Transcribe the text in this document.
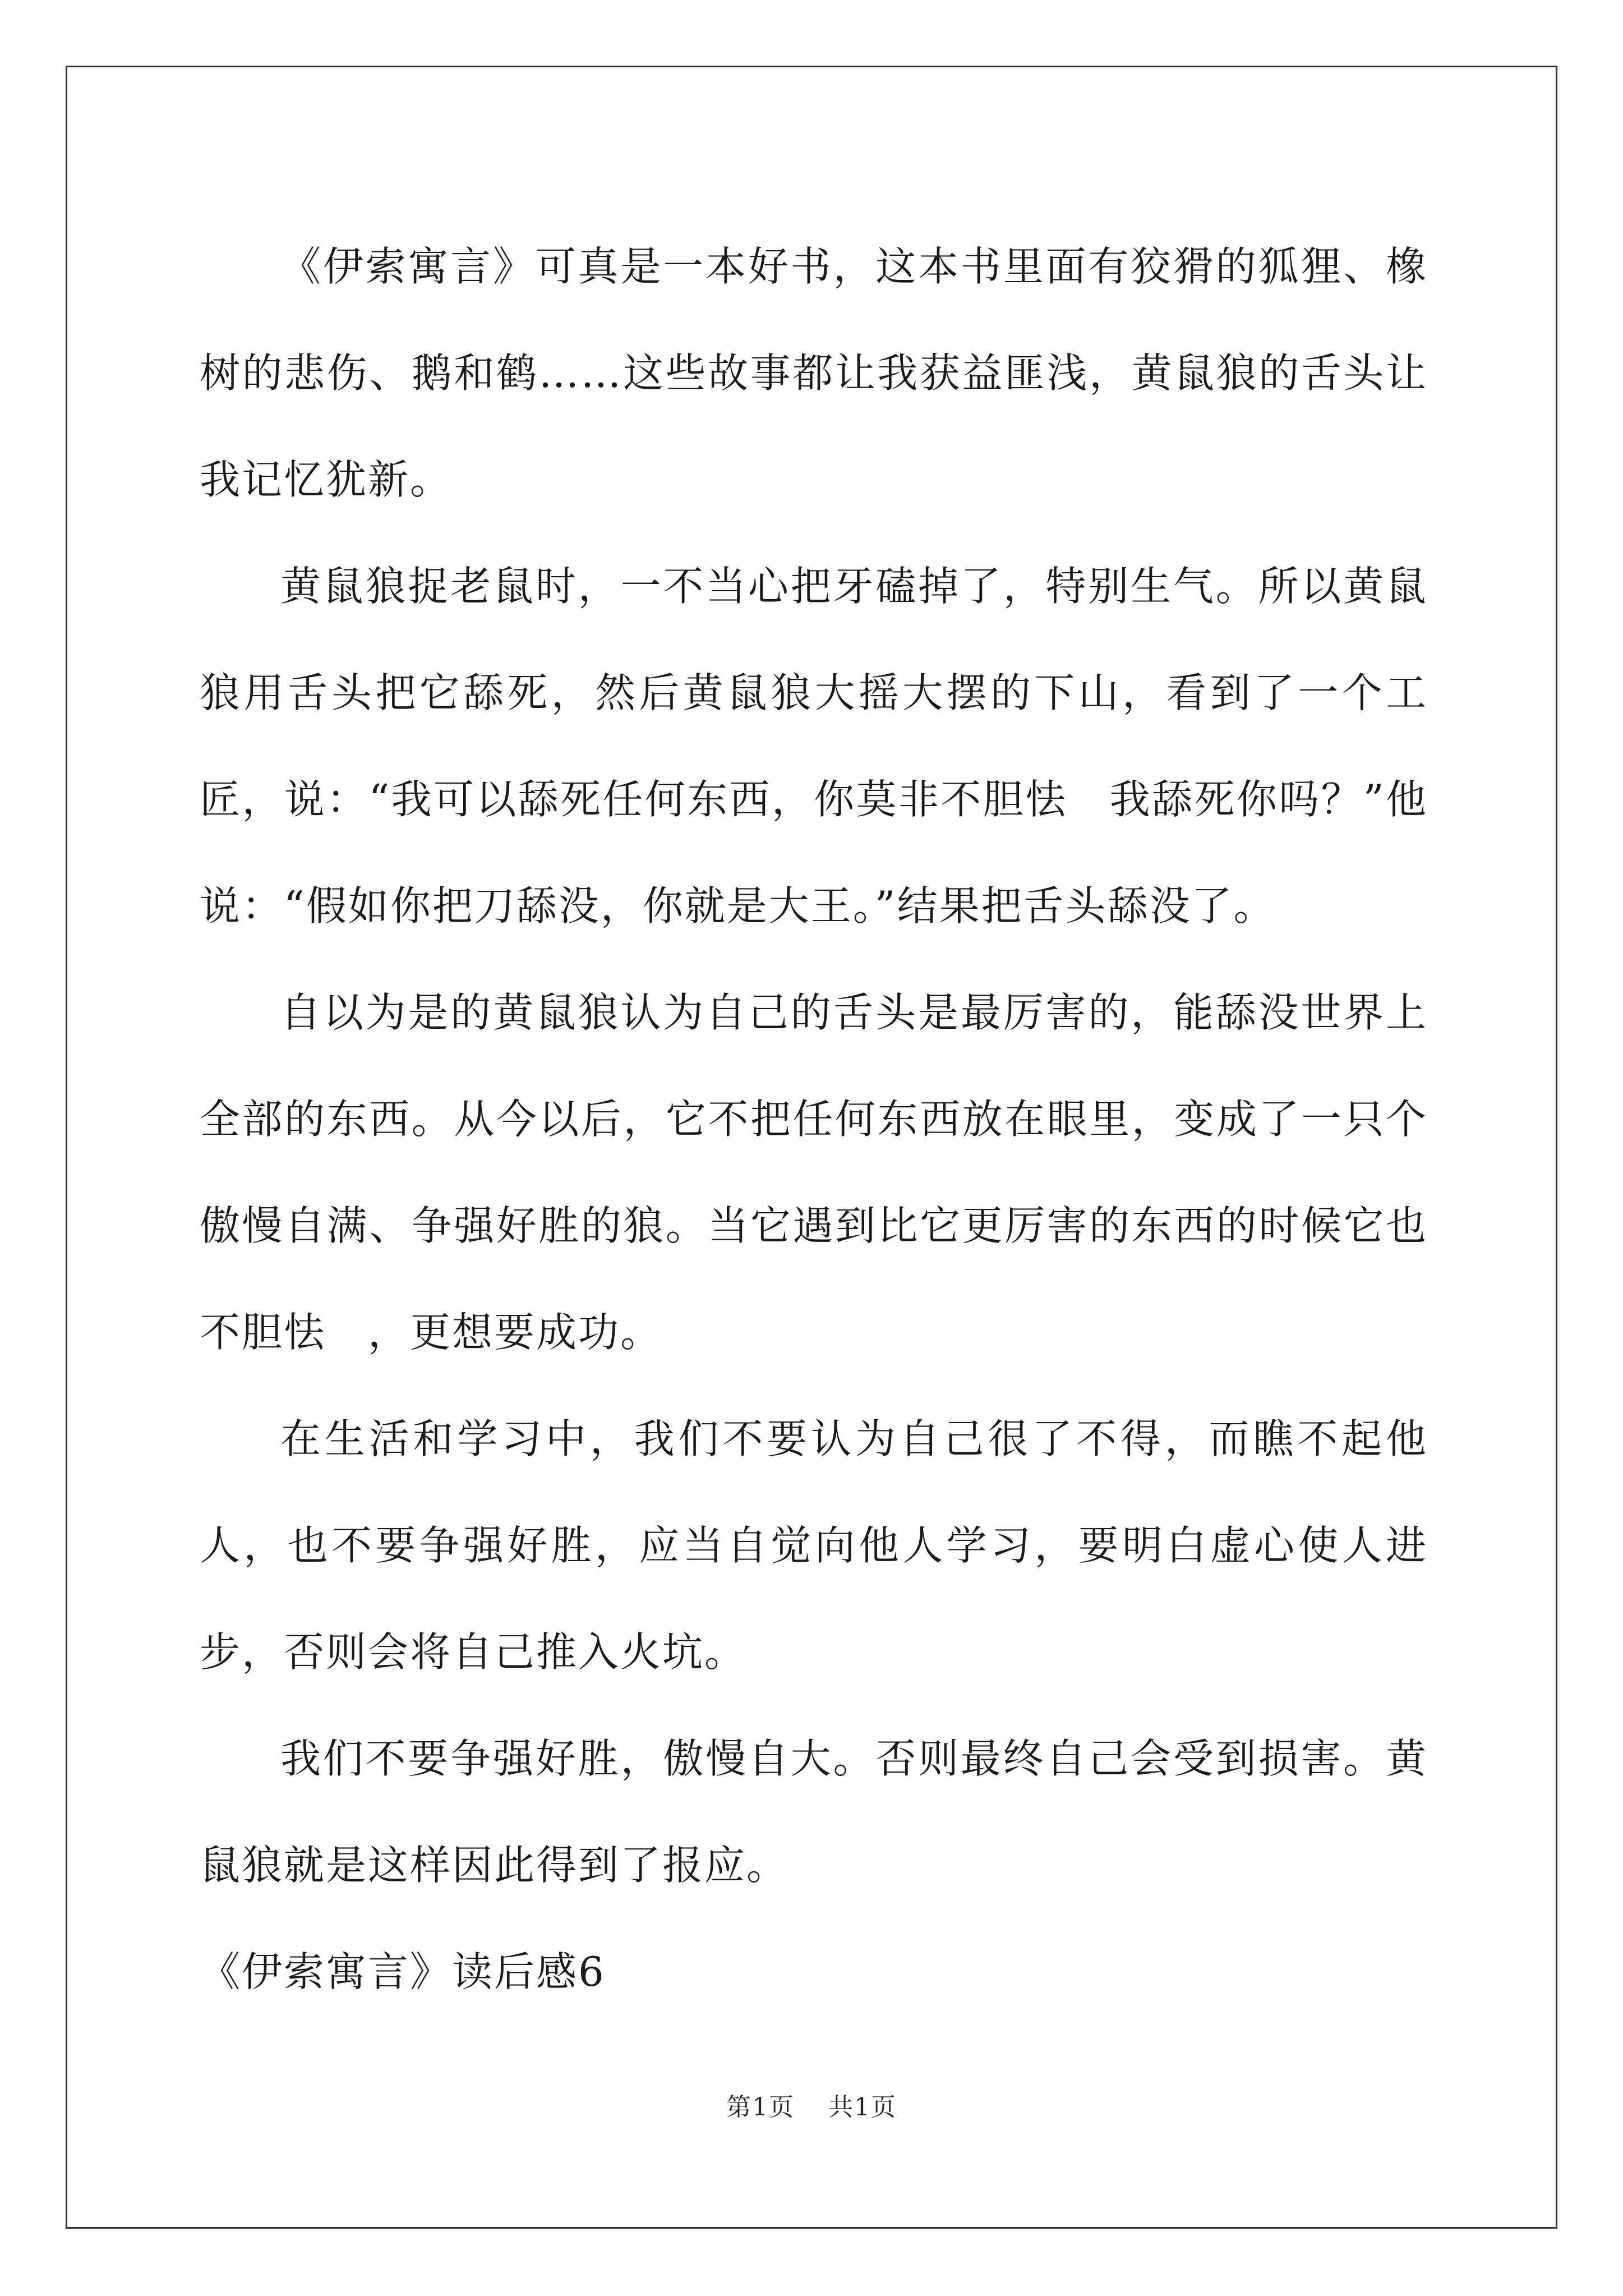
《伊索寓言》可真是一本好书，这本书里面有狡猾的狐狸、橡树的悲伤、鹅和鹤……这些故事都让我获益匪浅，黄鼠狼的舌头让我记忆犹新。

黄鼠狼捉老鼠时，一不当心把牙磕掉了，特别生气。所以黄鼠狼用舌头把它舔死，然后黄鼠狼大摇大摆的下山，看到了一个工匠，说：“我可以舔死任何东西，你莫非不胆怯　我舔死你吗？”他说：“假如你把刀舔没，你就是大王。”结果把舌头舔没了。

自以为是的黄鼠狼认为自己的舌头是最厉害的，能舔没世界上全部的东西。从今以后，它不把任何东西放在眼里，变成了一只个傲慢自满、争强好胜的狼。当它遇到比它更厉害的东西的时候它也不胆怯　，更想要成功。

在生活和学习中，我们不要认为自己很了不得，而瞧不起他人，也不要争强好胜，应当自觉向他人学习，要明白虚心使人进步，否则会将自己推入火坑。

我们不要争强好胜，傲慢自大。否则最终自己会受到损害。黄鼠狼就是这样因此得到了报应。

《伊索寓言》读后感6

第1页 共1页
